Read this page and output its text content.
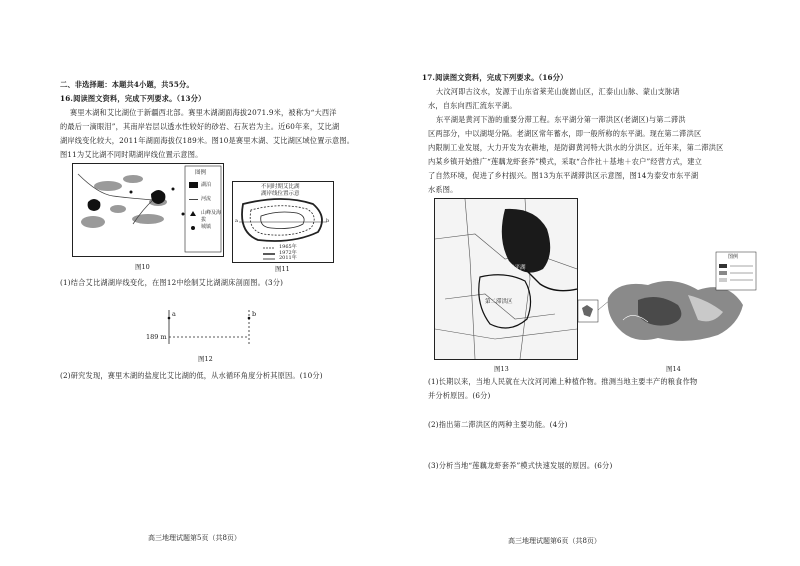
二、非选择题：本题共4小题，共55分。
16.阅读图文资料，完成下列要求。（13分）
赛里木湖和艾比湖位于新疆西北部。赛里木湖湖面海拔2071.9米，被称为“大西洋
的最后一滴眼泪”，其南岸岩层以透水性较好的砂岩、石灰岩为主。近60年来，艾比湖
湖岸线变化较大，2011年湖面海拔仅189米。图10是赛里木湖、艾比湖区域位置示意图。
图11为艾比湖不同时期湖岸线位置示意图。
图例
湖泊
河流
山峰及海拔
城镇
图10
不同时期艾比湖
湖岸线位置示意
a	b
1965年
1972年
2011年
图11
(1)结合艾比湖湖岸线变化，在图12中绘制艾比湖湖床剖面图。(3分)
a	b
189 m
图12
(2)研究发现，赛里木湖的盐度比艾比湖的低，从水循环角度分析其原因。(10分)
高三地理试题第5页（共8页）
17.阅读图文资料，完成下列要求。（16分）
大汶河即古汶水，发源于山东省莱芜山旋崮山区，汇泰山山脉、蒙山支脉诸
水，自东向西汇流东平湖。
东平湖是黄河下游的重要分滞工程。东平湖分第一滞洪区(老湖区)与第二滞洪
区两部分，中以湖堤分隔。老湖区常年蓄水，即一般所称的东平湖。现在第二滞洪区
内限制工业发展，大力开发为农耕地，是防御黄河特大洪水的分洪区。近年来，第二滞洪区
内某乡镇开始推广“莲藕龙虾套养”模式，采取“合作社＋基地＋农户”经营方式，建立
了自然环境，促进了乡村振兴。图13为东平湖滞洪区示意图，图14为泰安市东平湖
水系图。
东平湖
第二滞洪区
图13
图例
图14
(1)长期以来，当地人民就在大汶河河滩上种植作物。推测当地主要丰产的粮食作物
并分析原因。(6分)
(2)指出第二滞洪区的两种主要功能。(4分)
(3)分析当地“莲藕龙虾套养”模式快速发展的原因。(6分)
高三地理试题第6页（共8页）
